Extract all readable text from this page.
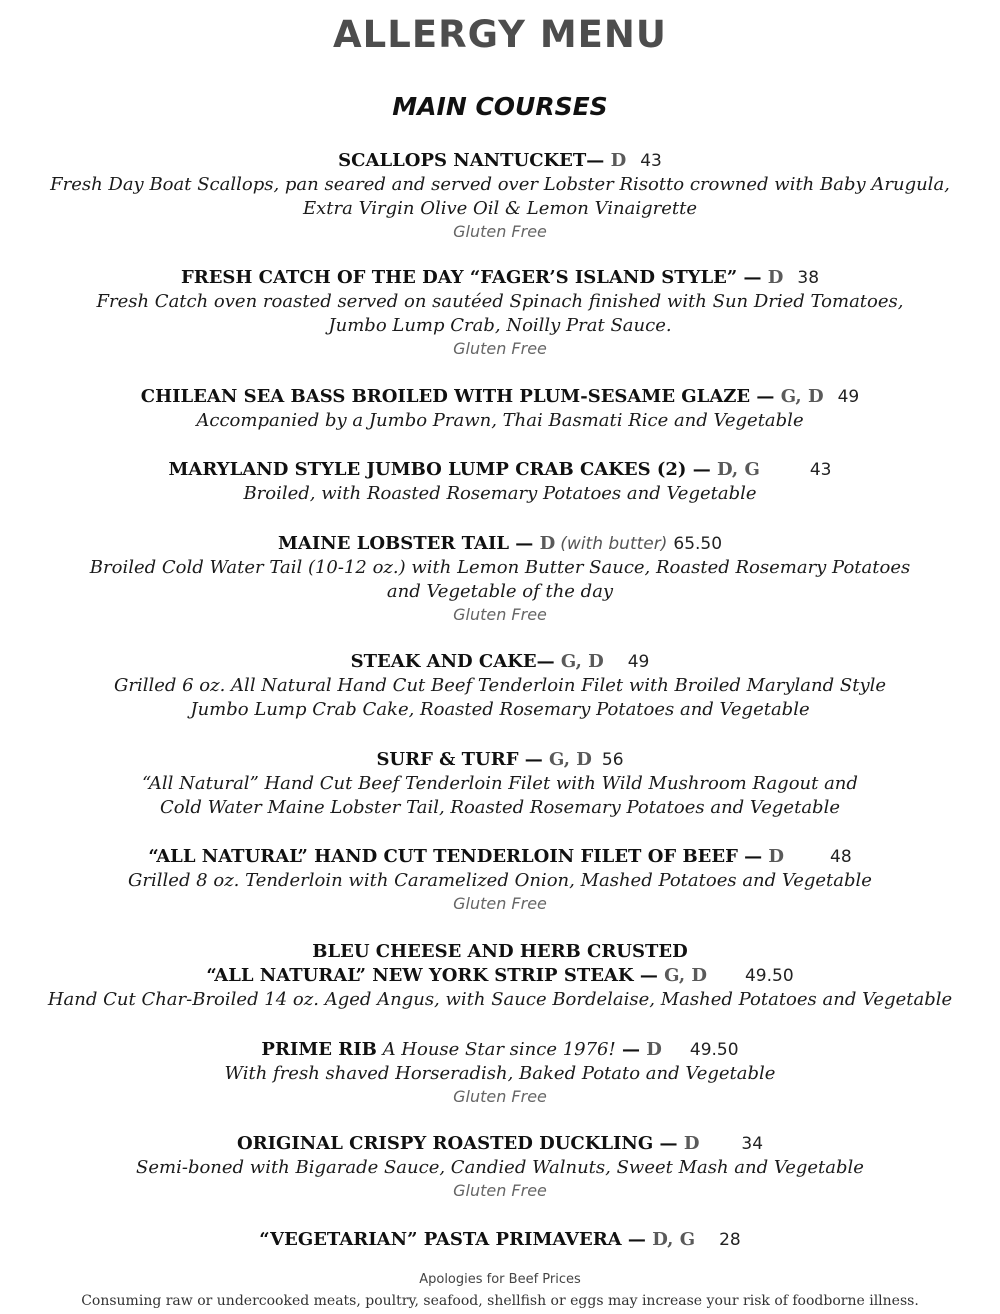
ALLERGY MENU
MAIN COURSES
SCALLOPS NANTUCKET— D 43
Fresh Day Boat Scallops, pan seared and served over Lobster Risotto crowned with Baby Arugula,
Extra Virgin Olive Oil & Lemon Vinaigrette
Gluten Free
FRESH CATCH OF THE DAY “FAGER’S ISLAND STYLE” — D 38
Fresh Catch oven roasted served on sautéed Spinach finished with Sun Dried Tomatoes,
Jumbo Lump Crab, Noilly Prat Sauce.
Gluten Free
CHILEAN SEA BASS BROILED WITH PLUM-SESAME GLAZE — G, D 49
Accompanied by a Jumbo Prawn, Thai Basmati Rice and Vegetable
MARYLAND STYLE JUMBO LUMP CRAB CAKES (2) — D, G	43
Broiled, with Roasted Rosemary Potatoes and Vegetable
MAINE LOBSTER TAIL — D (with butter) 65.50
Broiled Cold Water Tail (10-12 oz.) with Lemon Butter Sauce, Roasted Rosemary Potatoes
and Vegetable of the day
Gluten Free
STEAK AND CAKE— G, D 49
Grilled 6 oz. All Natural Hand Cut Beef Tenderloin Filet with Broiled Maryland Style
Jumbo Lump Crab Cake, Roasted Rosemary Potatoes and Vegetable
SURF & TURF — G, D 56
“All Natural” Hand Cut Beef Tenderloin Filet with Wild Mushroom Ragout and
Cold Water Maine Lobster Tail, Roasted Rosemary Potatoes and Vegetable
“ALL NATURAL” HAND CUT TENDERLOIN FILET OF BEEF — D	48
Grilled 8 oz. Tenderloin with Caramelized Onion, Mashed Potatoes and Vegetable
Gluten Free
BLEU CHEESE AND HERB CRUSTED
“ALL NATURAL” NEW YORK STRIP STEAK — G, D 49.50
Hand Cut Char-Broiled 14 oz. Aged Angus, with Sauce Bordelaise, Mashed Potatoes and Vegetable
PRIME RIB A House Star since 1976! — D 49.50
With fresh shaved Horseradish, Baked Potato and Vegetable
Gluten Free
ORIGINAL CRISPY ROASTED DUCKLING — D 34
Semi-boned with Bigarade Sauce, Candied Walnuts, Sweet Mash and Vegetable
Gluten Free
“VEGETARIAN” PASTA PRIMAVERA — D, G 28
Apologies for Beef Prices
Consuming raw or undercooked meats, poultry, seafood, shellfish or eggs may increase your risk of foodborne illness.
